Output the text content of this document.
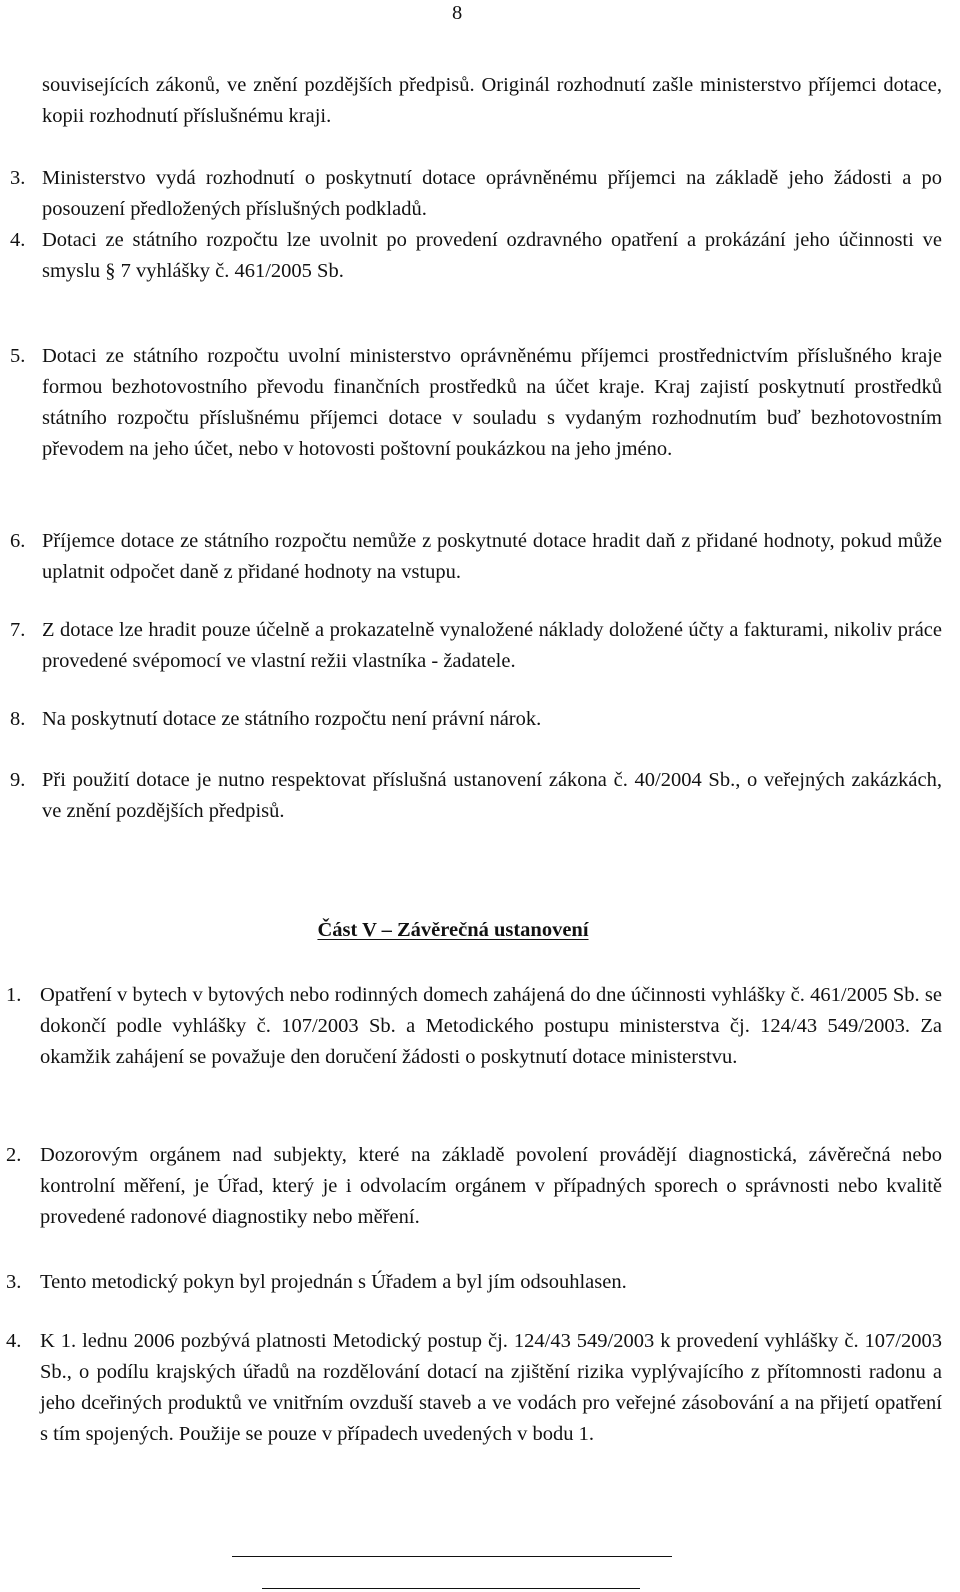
8
souvisejících zákonů, ve znění pozdějších předpisů. Originál rozhodnutí zašle ministerstvo příjemci dotace, kopii rozhodnutí příslušnému kraji.
3. Ministerstvo vydá rozhodnutí o poskytnutí dotace oprávněnému příjemci na základě jeho žádosti a po posouzení předložených příslušných podkladů.
4. Dotaci ze státního rozpočtu lze uvolnit po provedení ozdravného opatření a prokázání jeho účinnosti ve smyslu § 7 vyhlášky č. 461/2005 Sb.
5. Dotaci ze státního rozpočtu uvolní ministerstvo oprávněnému příjemci prostřednictvím příslušného kraje formou bezhotovostního převodu finančních prostředků na účet kraje. Kraj zajistí poskytnutí prostředků státního rozpočtu příslušnému příjemci dotace v souladu s vydaným rozhodnutím buď bezhotovostním převodem na jeho účet, nebo v hotovosti poštovní poukázkou na jeho jméno.
6. Příjemce dotace ze státního rozpočtu nemůže z poskytnuté dotace hradit daň z přidané hodnoty, pokud může uplatnit odpočet daně z přidané hodnoty na vstupu.
7. Z dotace lze hradit pouze účelně a prokazatelně vynaložené náklady doložené účty a fakturami, nikoliv práce provedené svépomocí ve vlastní režii vlastníka - žadatele.
8. Na poskytnutí dotace ze státního rozpočtu není právní nárok.
9. Při použití dotace je nutno respektovat příslušná ustanovení zákona č. 40/2004 Sb., o veřejných zakázkách, ve znění pozdějších předpisů.
Část V – Závěrečná ustanovení
1. Opatření v bytech v bytových nebo rodinných domech zahájená do dne účinnosti vyhlášky č. 461/2005 Sb. se dokončí podle vyhlášky č. 107/2003 Sb. a Metodického postupu ministerstva čj. 124/43 549/2003. Za okamžik zahájení se považuje den doručení žádosti o poskytnutí dotace ministerstvu.
2. Dozorovým orgánem nad subjekty, které na základě povolení provádějí diagnostická, závěrečná nebo kontrolní měření, je Úřad, který je i odvolacím orgánem v případných sporech o správnosti nebo kvalitě provedené radonové diagnostiky nebo měření.
3. Tento metodický pokyn byl projednán s Úřadem a byl jím odsouhlasen.
4. K 1. lednu 2006 pozbývá platnosti Metodický postup čj. 124/43 549/2003 k provedení vyhlášky č. 107/2003 Sb., o podílu krajských úřadů na rozdělování dotací na zjištění rizika vyplývajícího z přítomnosti radonu a jeho dceřiných produktů ve vnitřním ovzduší staveb a ve vodách pro veřejné zásobování a na přijetí opatření s tím spojených. Použije se pouze v případech uvedených v bodu 1.
